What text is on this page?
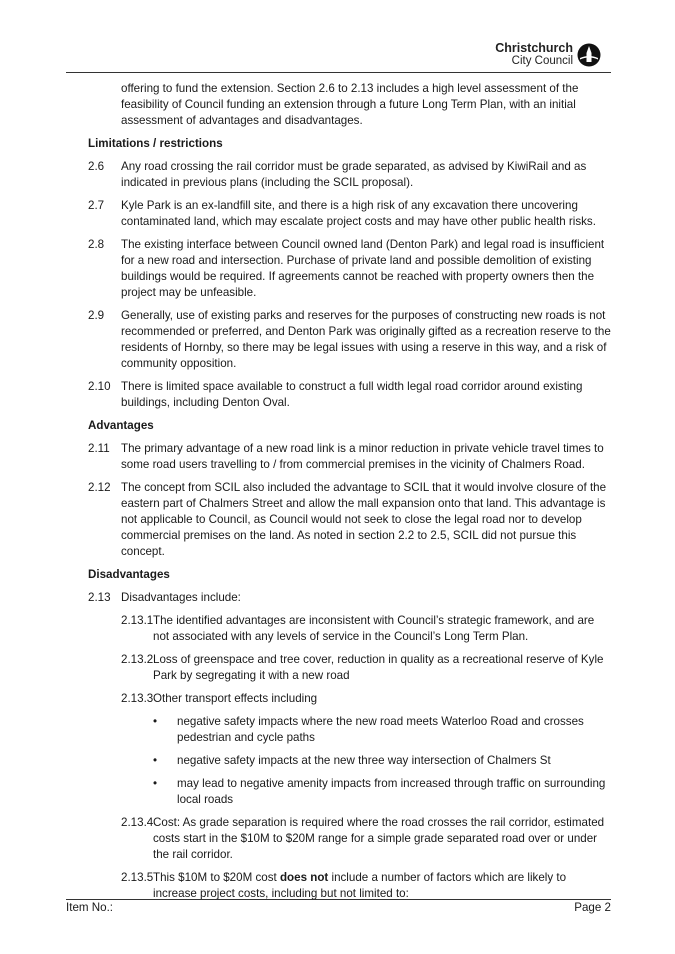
Christchurch
City Council

offering to fund the extension. Section 2.6 to 2.13 includes a high level assessment of the feasibility of Council funding an extension through a future Long Term Plan, with an initial assessment of advantages and disadvantages.

Limitations / restrictions

2.6	Any road crossing the rail corridor must be grade separated, as advised by KiwiRail and as indicated in previous plans (including the SCIL proposal).
2.7	Kyle Park is an ex-landfill site, and there is a high risk of any excavation there uncovering contaminated land, which may escalate project costs and may have other public health risks.
2.8	The existing interface between Council owned land (Denton Park) and legal road is insufficient for a new road and intersection. Purchase of private land and possible demolition of existing buildings would be required. If agreements cannot be reached with property owners then the project may be unfeasible.
2.9	Generally, use of existing parks and reserves for the purposes of constructing new roads is not recommended or preferred, and Denton Park was originally gifted as a recreation reserve to the residents of Hornby, so there may be legal issues with using a reserve in this way, and a risk of community opposition.
2.10 There is limited space available to construct a full width legal road corridor around existing buildings, including Denton Oval.

Advantages

2.11 The primary advantage of a new road link is a minor reduction in private vehicle travel times to some road users travelling to / from commercial premises in the vicinity of Chalmers Road.
2.12 The concept from SCIL also included the advantage to SCIL that it would involve closure of the eastern part of Chalmers Street and allow the mall expansion onto that land. This advantage is not applicable to Council, as Council would not seek to close the legal road nor to develop commercial premises on the land. As noted in section 2.2 to 2.5, SCIL did not pursue this concept.

Disadvantages

2.13 Disadvantages include:
2.13.1 The identified advantages are inconsistent with Council’s strategic framework, and are not associated with any levels of service in the Council’s Long Term Plan.
2.13.2 Loss of greenspace and tree cover, reduction in quality as a recreational reserve of Kyle Park by segregating it with a new road
2.13.3 Other transport effects including
•	negative safety impacts where the new road meets Waterloo Road and crosses pedestrian and cycle paths
•	negative safety impacts at the new three way intersection of Chalmers St
•	may lead to negative amenity impacts from increased through traffic on surrounding local roads
2.13.4 Cost: As grade separation is required where the road crosses the rail corridor, estimated costs start in the $10M to $20M range for a simple grade separated road over or under the rail corridor.
2.13.5 This $10M to $20M cost does not include a number of factors which are likely to increase project costs, including but not limited to:
Item No.:	Page 2
